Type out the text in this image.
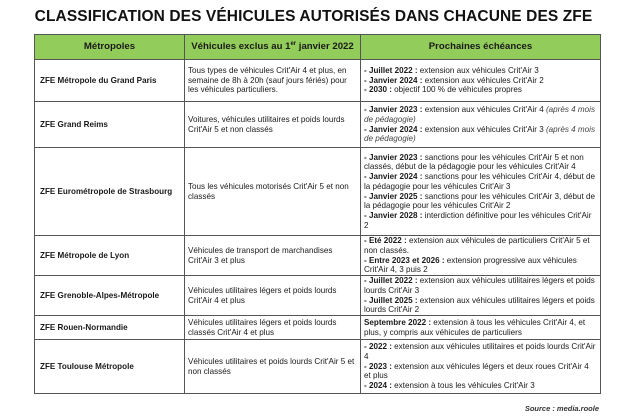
CLASSIFICATION DES VÉHICULES AUTORISÉS DANS CHACUNE DES ZFE
Métropoles	Véhicules exclus au 1er janvier 2022	Prochaines échéances
ZFE Métropole du Grand Paris	Tous types de véhicules Crit'Air 4 et plus, en semaine de 8h à 20h (sauf jours fériés) pour les véhicules particuliers.	- Juillet 2022 : extension aux véhicules Crit'Air 3
- Janvier 2024 : extension aux véhicules Crit'Air 2
- 2030 : objectif 100 % de véhicules propres

ZFE Grand Reims	Voitures, véhicules utilitaires et poids lourds Crit'Air 5 et non classés	- Janvier 2023 : extension aux véhicules Crit'Air 4 (après 4 mois de pédagogie)
- Janvier 2024 : extension aux véhicules Crit'Air 3 (après 4 mois de pédagogie)

ZFE Eurométropole de Strasbourg	Tous les véhicules motorisés Crit'Air 5 et non classés	- Janvier 2023 : sanctions pour les véhicules Crit'Air 5 et non classés, début de la pédagogie pour les véhicules Crit'Air 4
- Janvier 2024 : sanctions pour les véhicules Crit'Air 4, début de la pédagogie pour les véhicules Crit'Air 3
- Janvier 2025 : sanctions pour les véhicules Crit'Air 3, début de la pédagogie pour les véhicules Crit'Air 2
- Janvier 2028 : interdiction définitive pour les véhicules Crit'Air 2

ZFE Métropole de Lyon	Véhicules de transport de marchandises Crit'Air 3 et plus	- Eté 2022 : extension aux véhicules de particuliers Crit'Air 5 et non classés.
- Entre 2023 et 2026 : extension progressive aux véhicules Crit'Air 4, 3 puis 2

ZFE Grenoble-Alpes-Métropole	Véhicules utilitaires légers et poids lourds Crit'Air 4 et plus	- Juillet 2022 : extension aux véhicules utilitaires légers et poids lourds Crit'Air 3
- Juillet 2025 : extension aux véhicules utilitaires légers et poids lourds Crit'Air 2

ZFE Rouen-Normandie	Véhicules utilitaires légers et poids lourds classés Crit'Air 4 et plus	Septembre 2022 : extension à tous les véhicules Crit'Air 4, et plus, y compris aux véhicules de particuliers

ZFE Toulouse Métropole	Véhicules utilitaires et poids lourds Crit'Air 5 et non classés	- 2022 : extension aux véhicules utilitaires et poids lourds Crit'Air 4
- 2023 : extension aux véhicules légers et deux roues Crit'Air 4 et plus
- 2024 : extension à tous les véhicules Crit'Air 3
Source : media.roole
